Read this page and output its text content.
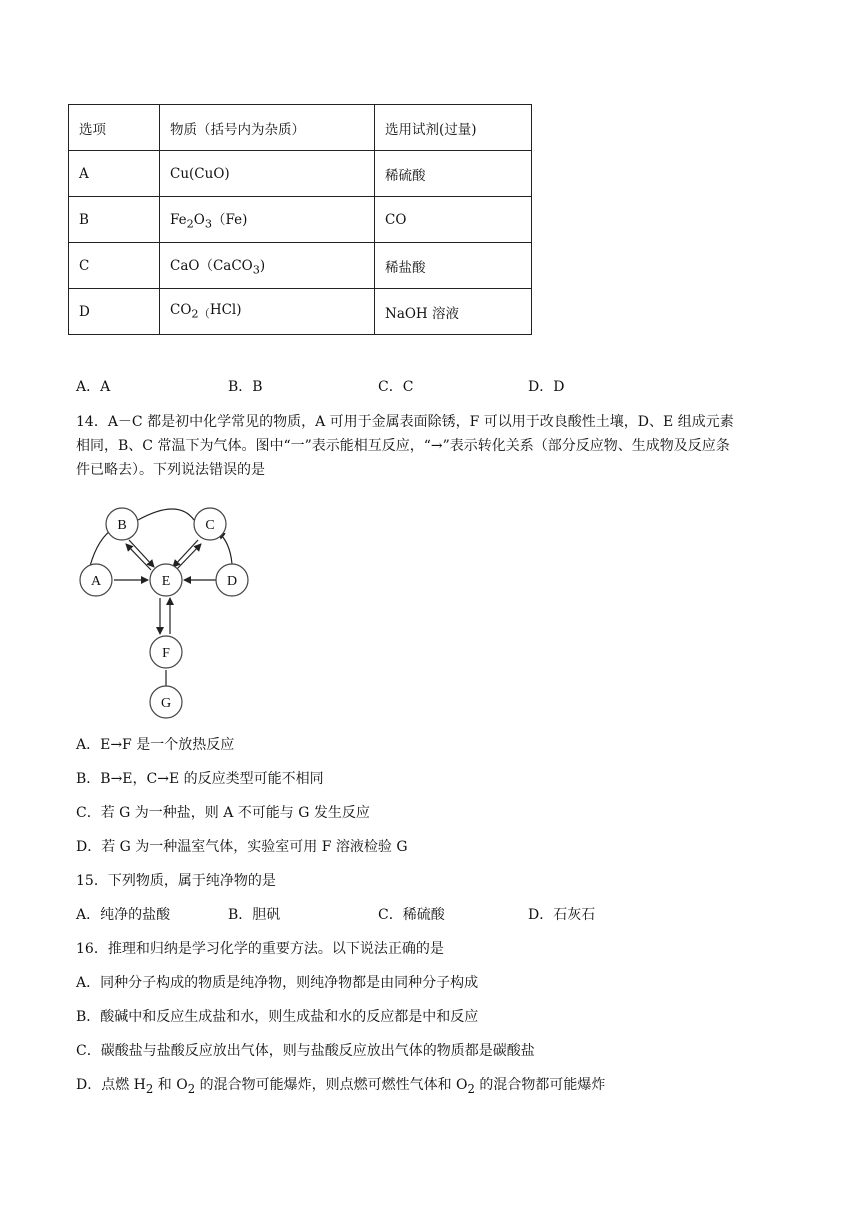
选项	物质（括号内为杂质）	选用试剂(过量)
A	Cu(CuO)	稀硫酸
B	$Fe_2O_3(Fe)$	CO
C	CaO（CaCO$_3$)	稀盐酸
D	$CO_{2(}HCl$)	NaOH 溶液
A．A	B．B	C．C	D．D
14．A－C 都是初中化学常见的物质，A 可用于金属表面除锈，F 可以用于改良酸性土壤，D、E 组成元素
相同，B、C 常温下为气体。图中“一”表示能相互反应，“→”表示转化关系（部分反应物、生成物及反应条
件已略去）。下列说法错误的是
A
B	C
D
E
F
G
A．E→F 是一个放热反应
B．B→E，C→E 的反应类型可能不相同
C．若 G 为一种盐，则 A 不可能与 G 发生反应
D．若 G 为一种温室气体，实验室可用 F 溶液检验 G
15．下列物质，属于纯净物的是
A．纯净的盐酸	B．胆矾	C．稀硫酸	D．石灰石
16．推理和归纳是学习化学的重要方法。以下说法正确的是
A．同种分子构成的物质是纯净物，则纯净物都是由同种分子构成
B．酸碱中和反应生成盐和水，则生成盐和水的反应都是中和反应
C．碳酸盐与盐酸反应放出气体，则与盐酸反应放出气体的物质都是碳酸盐
D．点燃 $H_2$ 和 $O_2$ 的混合物可能爆炸，则点燃可燃性气体和 $O_2$ 的混合物都可能爆炸
